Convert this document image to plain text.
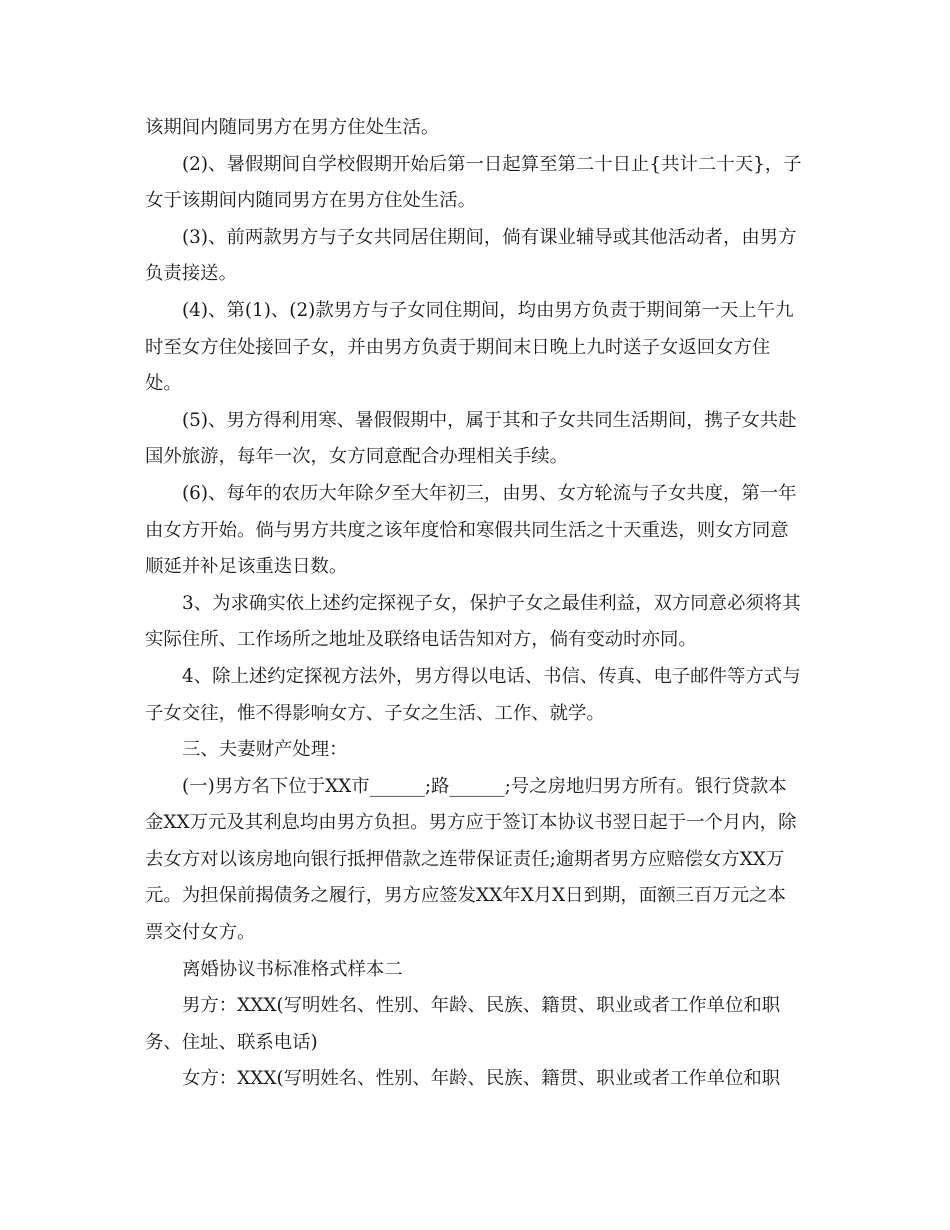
该期间内随同男方在男方住处生活。

(2)、暑假期间自学校假期开始后第一日起算至第二十日止{共计二十天}，子
女于该期间内随同男方在男方住处生活。

(3)、前两款男方与子女共同居住期间，倘有课业辅导或其他活动者，由男方
负责接送。

(4)、第(1)、(2)款男方与子女同住期间，均由男方负责于期间第一天上午九
时至女方住处接回子女，并由男方负责于期间末日晚上九时送子女返回女方住
处。

(5)、男方得利用寒、暑假假期中，属于其和子女共同生活期间，携子女共赴
国外旅游，每年一次，女方同意配合办理相关手续。

(6)、每年的农历大年除夕至大年初三，由男、女方轮流与子女共度，第一年
由女方开始。倘与男方共度之该年度恰和寒假共同生活之十天重迭，则女方同意
顺延并补足该重迭日数。

3、为求确实依上述约定探视子女，保护子女之最佳利益，双方同意必须将其
实际住所、工作场所之地址及联络电话告知对方，倘有变动时亦同。

4、除上述约定探视方法外，男方得以电话、书信、传真、电子邮件等方式与
子女交往，惟不得影响女方、子女之生活、工作、就学。

三、夫妻财产处理：

(一)男方名下位于XX市______;路______;号之房地归男方所有。银行贷款本
金XX万元及其利息均由男方负担。男方应于签订本协议书翌日起于一个月内，除
去女方对以该房地向银行抵押借款之连带保证责任;逾期者男方应赔偿女方XX万
元。为担保前揭债务之履行，男方应签发XX年X月X日到期，面额三百万元之本
票交付女方。

离婚协议书标准格式样本二

男方：XXX(写明姓名、性别、年龄、民族、籍贯、职业或者工作单位和职
务、住址、联系电话)

女方：XXX(写明姓名、性别、年龄、民族、籍贯、职业或者工作单位和职
